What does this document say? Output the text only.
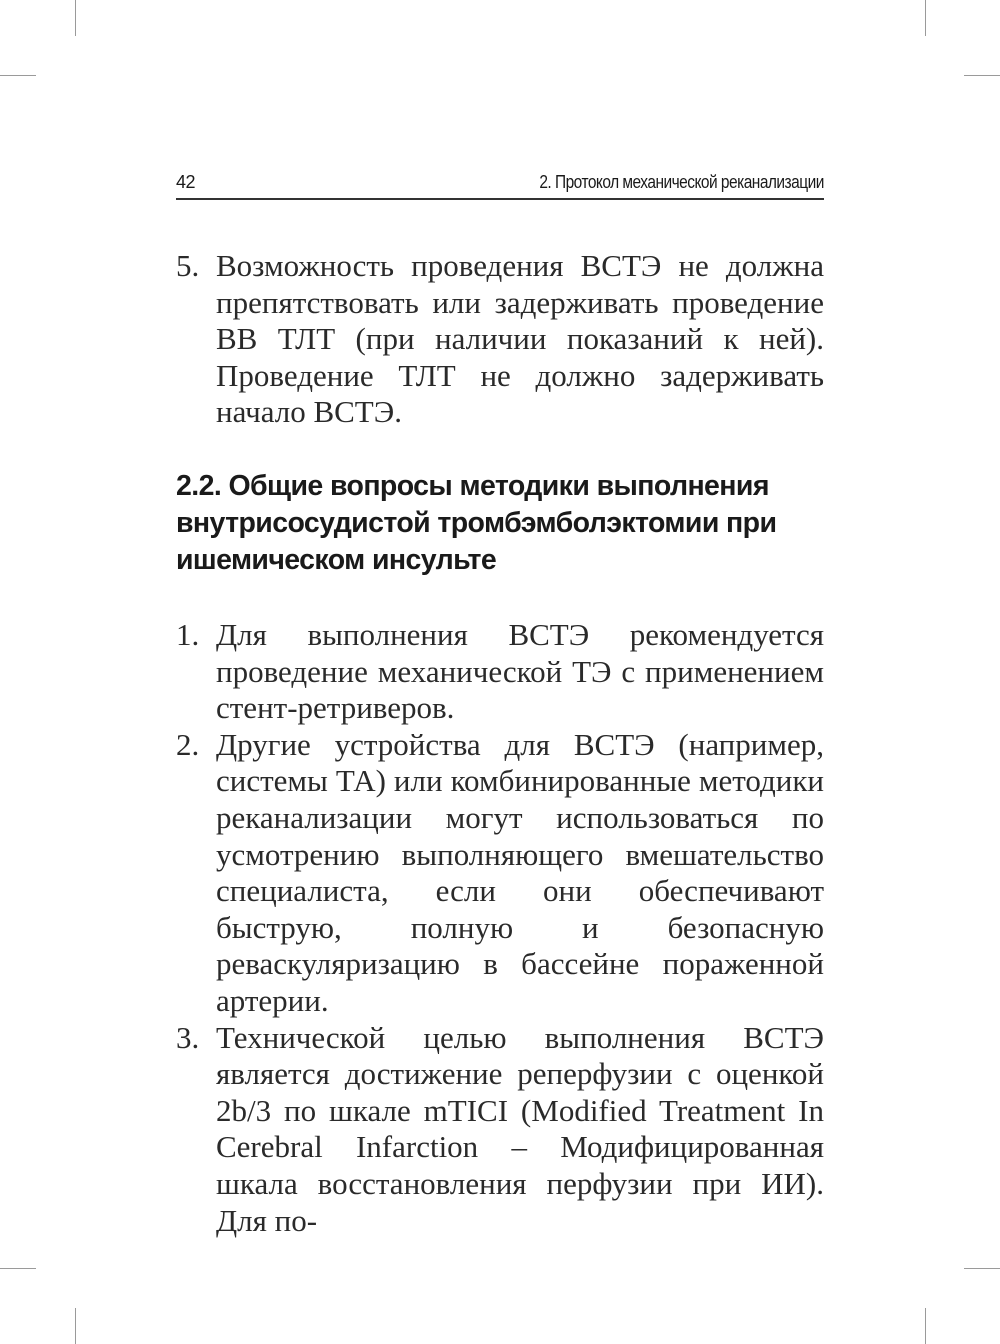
42	2. Протокол механической реканализации
5. Возможность проведения ВСТЭ не должна препятствовать или задерживать проведение ВВ ТЛТ (при наличии показаний к ней). Проведение ТЛТ не должно задерживать начало ВСТЭ.
2.2. Общие вопросы методики выполнения внутрисосудистой тромбэмболэктомии при ишемическом инсульте
1. Для выполнения ВСТЭ рекомендуется проведение механической ТЭ с применением стент-ретриверов.
2. Другие устройства для ВСТЭ (например, системы ТА) или комбинированные методики реканализации могут использоваться по усмотрению выполняющего вмешательство специалиста, если они обеспечивают быструю, полную и безопасную реваскуляризацию в бассейне пораженной артерии.
3. Технической целью выполнения ВСТЭ является достижение реперфузии с оценкой 2b/3 по шкале mTICI (Modified Treatment In Cerebral Infarction – Модифицированная шкала восстановления перфузии при ИИ). Для по-
